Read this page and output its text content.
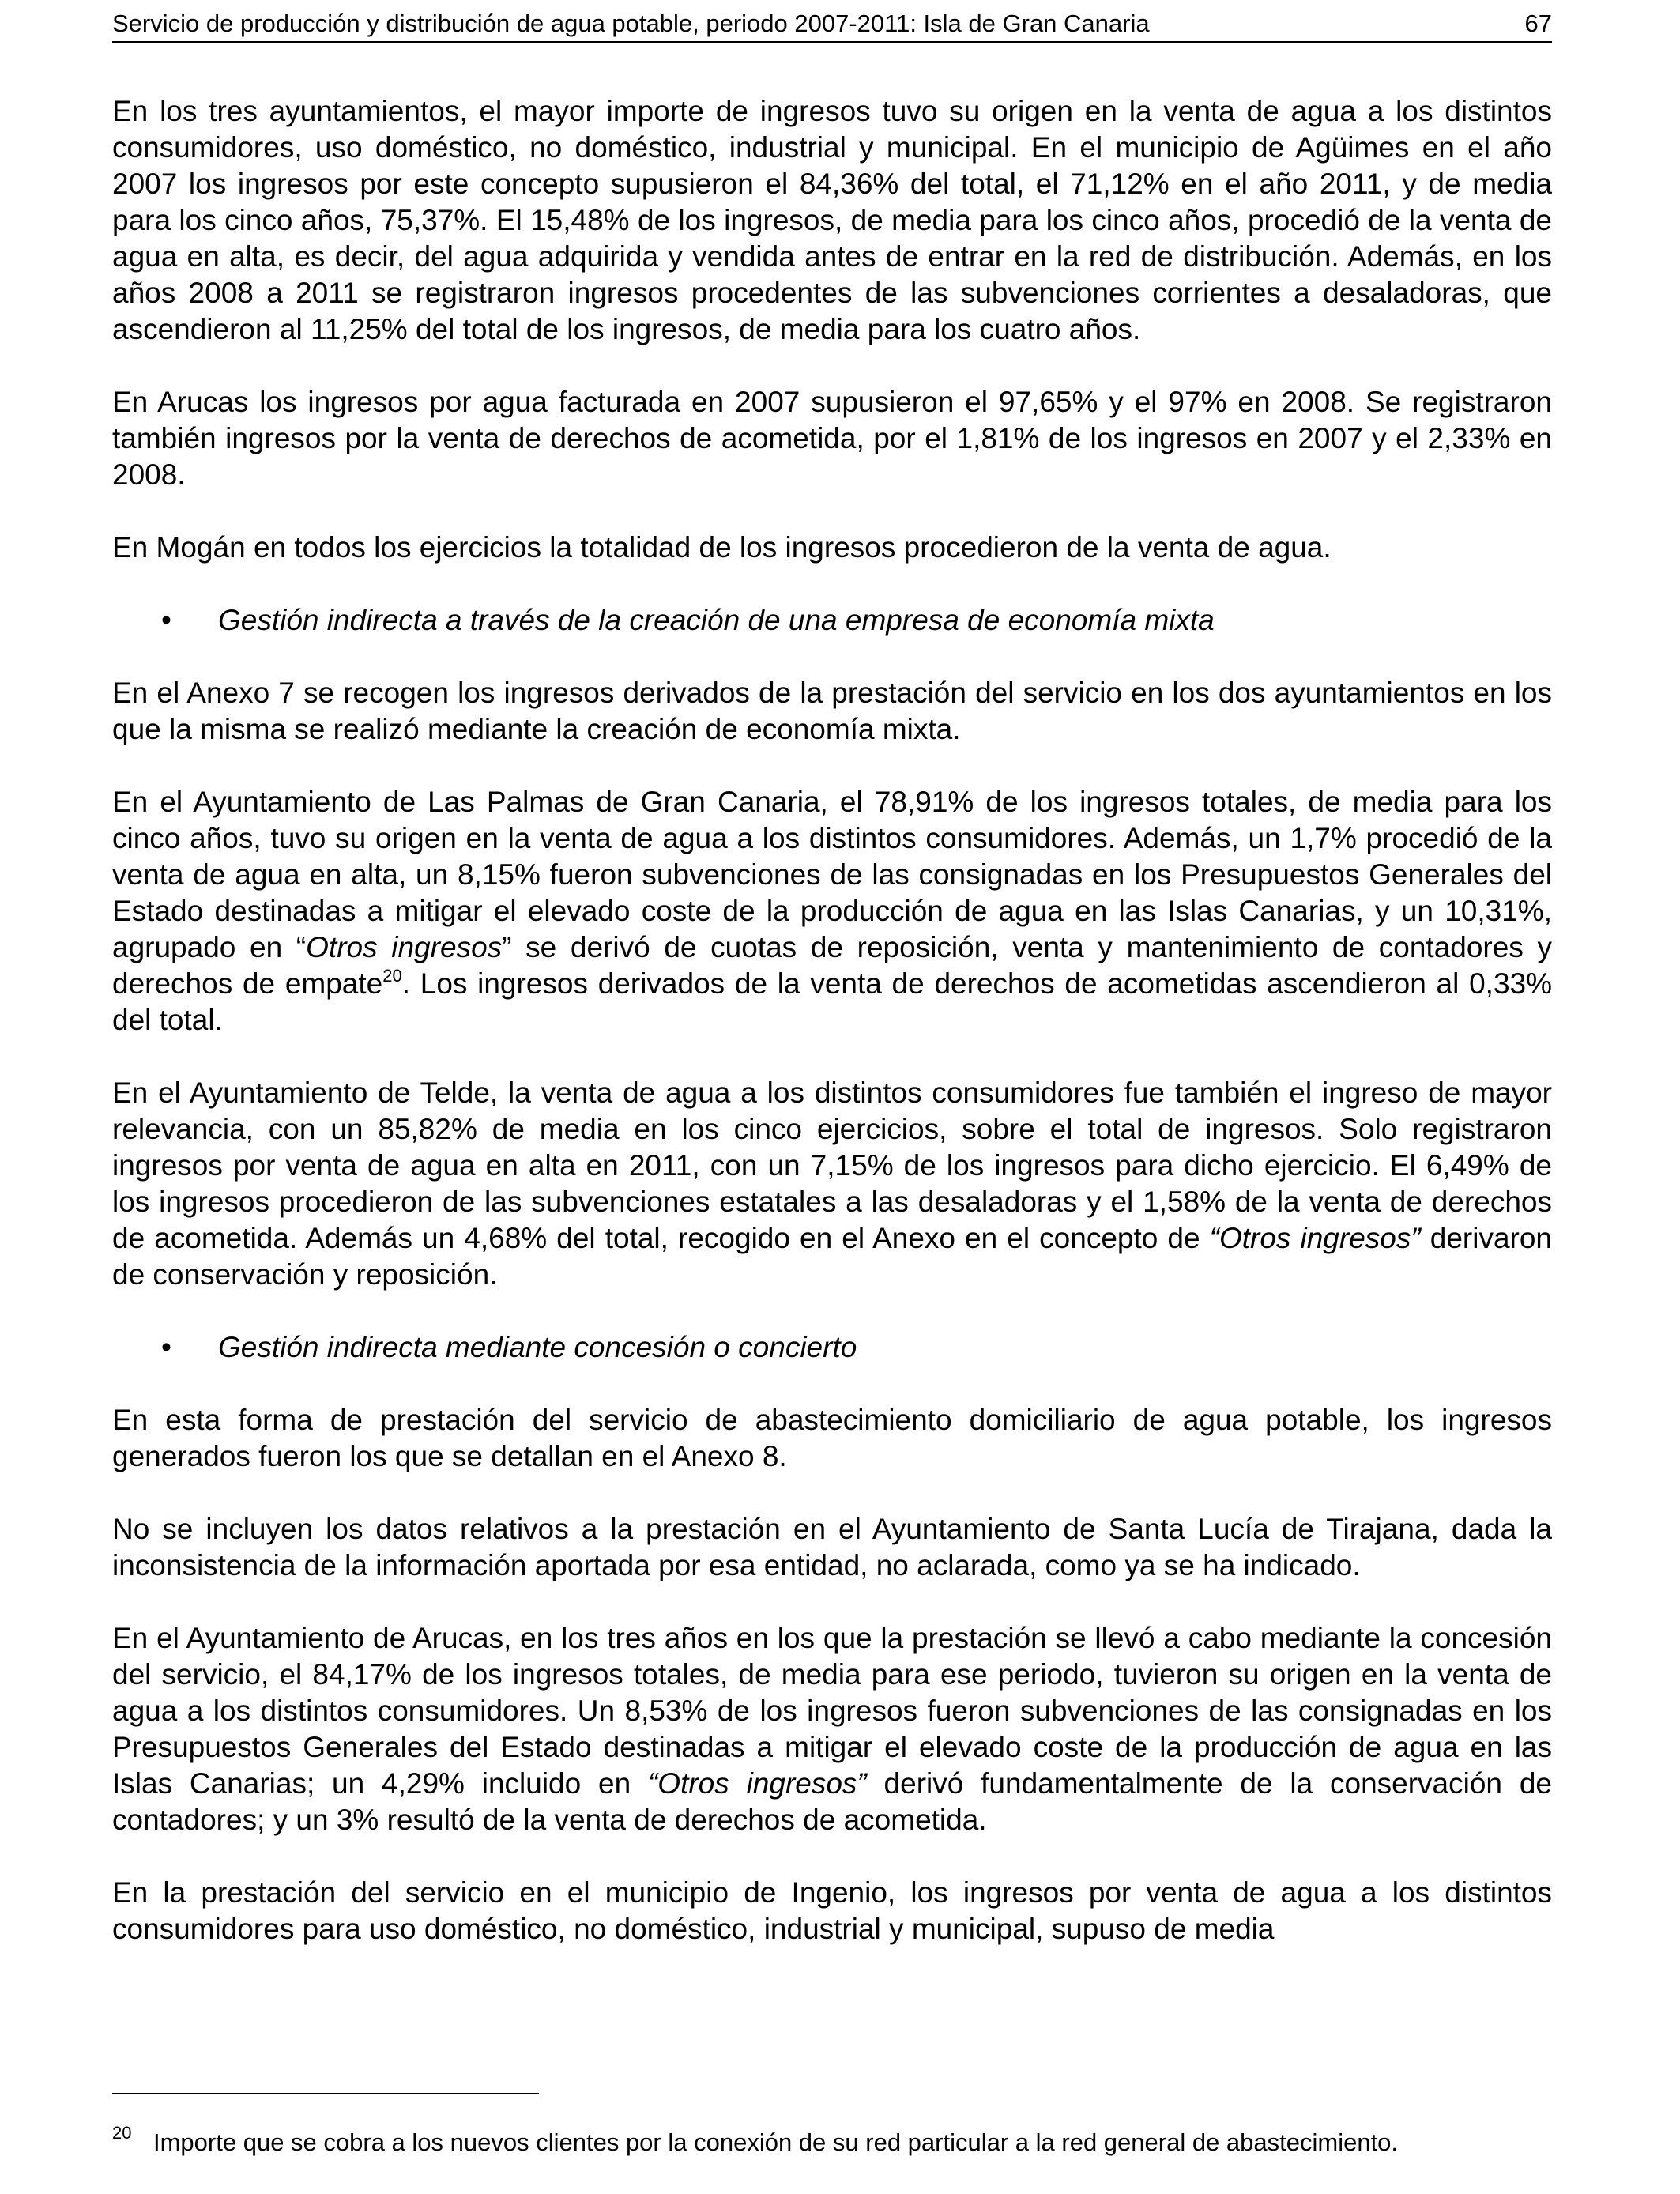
Servicio de producción y distribución de agua potable, periodo 2007-2011: Isla de Gran Canaria	67

En los tres ayuntamientos, el mayor importe de ingresos tuvo su origen en la venta de agua a los distintos consumidores, uso doméstico, no doméstico, industrial y municipal. En el municipio de Agüimes en el año 2007 los ingresos por este concepto supusieron el 84,36% del total, el 71,12% en el año 2011, y de media para los cinco años, 75,37%. El 15,48% de los ingresos, de media para los cinco años, procedió de la venta de agua en alta, es decir, del agua adquirida y vendida antes de entrar en la red de distribución. Además, en los años 2008 a 2011 se registraron ingresos procedentes de las subvenciones corrientes a desaladoras, que ascendieron al 11,25% del total de los ingresos, de media para los cuatro años.

En Arucas los ingresos por agua facturada en 2007 supusieron el 97,65% y el 97% en 2008. Se registraron también ingresos por la venta de derechos de acometida, por el 1,81% de los ingresos en 2007 y el 2,33% en 2008.

En Mogán en todos los ejercicios la totalidad de los ingresos procedieron de la venta de agua.

• Gestión indirecta a través de la creación de una empresa de economía mixta

En el Anexo 7 se recogen los ingresos derivados de la prestación del servicio en los dos ayuntamientos en los que la misma se realizó mediante la creación de economía mixta.

En el Ayuntamiento de Las Palmas de Gran Canaria, el 78,91% de los ingresos totales, de media para los cinco años, tuvo su origen en la venta de agua a los distintos consumidores. Además, un 1,7% procedió de la venta de agua en alta, un 8,15% fueron subvenciones de las consignadas en los Presupuestos Generales del Estado destinadas a mitigar el elevado coste de la producción de agua en las Islas Canarias, y un 10,31%, agrupado en “Otros ingresos” se derivó de cuotas de reposición, venta y mantenimiento de contadores y derechos de empate$^{20}$. Los ingresos derivados de la venta de derechos de acometidas ascendieron al 0,33% del total.

En el Ayuntamiento de Telde, la venta de agua a los distintos consumidores fue también el ingreso de mayor relevancia, con un 85,82% de media en los cinco ejercicios, sobre el total de ingresos. Solo registraron ingresos por venta de agua en alta en 2011, con un 7,15% de los ingresos para dicho ejercicio. El 6,49% de los ingresos procedieron de las subvenciones estatales a las desaladoras y el 1,58% de la venta de derechos de acometida. Además un 4,68% del total, recogido en el Anexo en el concepto de “Otros ingresos” derivaron de conservación y reposición.

• Gestión indirecta mediante concesión o concierto

En esta forma de prestación del servicio de abastecimiento domiciliario de agua potable, los ingresos generados fueron los que se detallan en el Anexo 8.

No se incluyen los datos relativos a la prestación en el Ayuntamiento de Santa Lucía de Tirajana, dada la inconsistencia de la información aportada por esa entidad, no aclarada, como ya se ha indicado.

En el Ayuntamiento de Arucas, en los tres años en los que la prestación se llevó a cabo mediante la concesión del servicio, el 84,17% de los ingresos totales, de media para ese periodo, tuvieron su origen en la venta de agua a los distintos consumidores. Un 8,53% de los ingresos fueron subvenciones de las consignadas en los Presupuestos Generales del Estado destinadas a mitigar el elevado coste de la producción de agua en las Islas Canarias; un 4,29% incluido en “Otros ingresos” derivó fundamentalmente de la conservación de contadores; y un 3% resultó de la venta de derechos de acometida.

En la prestación del servicio en el municipio de Ingenio, los ingresos por venta de agua a los distintos consumidores para uso doméstico, no doméstico, industrial y municipal, supuso de media

20 Importe que se cobra a los nuevos clientes por la conexión de su red particular a la red general de abastecimiento.
